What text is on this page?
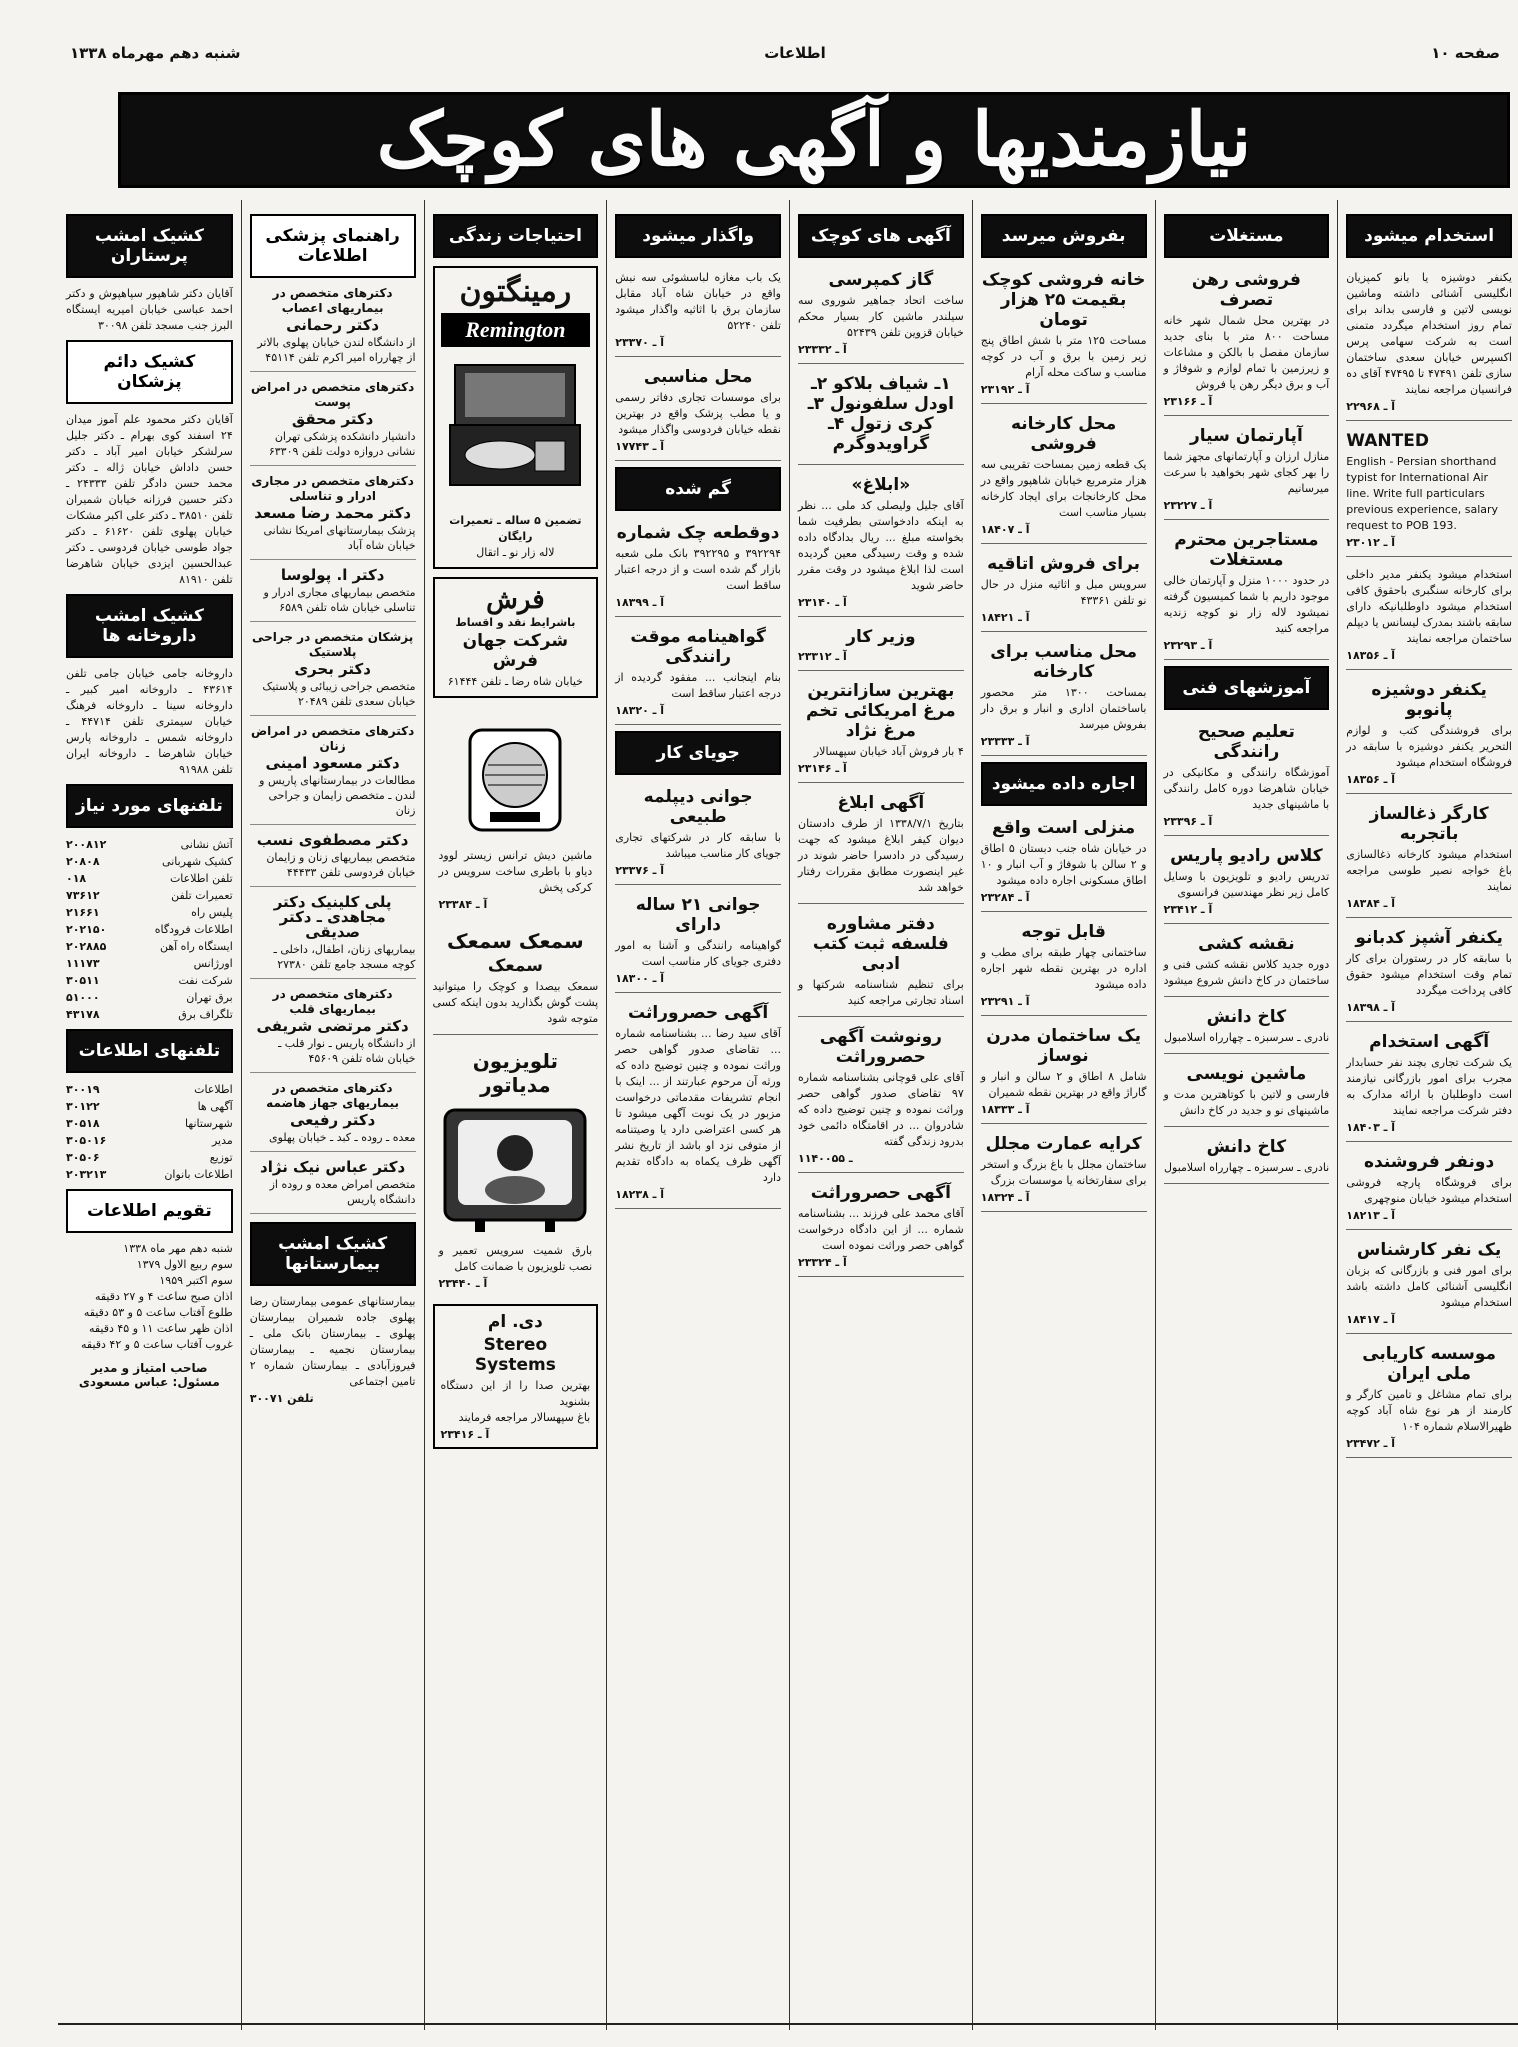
صفحه ۱۰
اطلاعات
شنبه دهم مهرماه ۱۳۳۸
نیازمندیها و آگهی های کوچک
استخدام میشود
یکنفر دوشیزه یا بانو کمپزیان انگلیسی آشنائی داشته وماشین نویسی لاتین و فارسی بداند برای تمام روز استخدام میگردد متمنی است به شرکت سهامی پرس اکسپرس خیابان سعدی ساختمان سازی تلفن ۴۷۴۹۱ تا ۴۷۴۹۵ آقای ده فرانسیان مراجعه نمایند
آ ـ ۲۲۹۶۸
WANTED
English - Persian shorthand typist for International Air line. Write full particulars previous experience, salary request to POB 193.
آ ـ ۲۳۰۱۲
استخدام میشود یکنفر مدیر داخلی برای کارخانه سنگبری باحقوق کافی استخدام میشود داوطلبانیکه دارای سابقه باشند بمدرک لیسانس یا دیپلم ساختمان مراجعه نمایند
آ ـ ۱۸۳۵۶
یکنفر دوشیزه پانوبو
برای فروشندگی کتب و لوازم التحریر یکنفر دوشیزه با سابقه در فروشگاه استخدام میشود
آ ـ ۱۸۳۵۶
کارگر ذغالساز باتجربه
استخدام میشود کارخانه ذغالسازی باغ خواجه نصیر طوسی مراجعه نمایند
آ ـ ۱۸۳۸۴
یکنفر آشپز کدبانو
با سابقه کار در رستوران برای کار تمام وقت استخدام میشود حقوق کافی پرداخت میگردد
آ ـ ۱۸۳۹۸
آگهی استخدام
یک شرکت تجاری بچند نفر حسابدار مجرب برای امور بازرگانی نیازمند است داوطلبان با ارائه مدارک به دفتر شرکت مراجعه نمایند
آ ـ ۱۸۴۰۳
دونفر فروشنده
برای فروشگاه پارچه فروشی استخدام میشود خیابان منوچهری
آ ـ ۱۸۲۱۳
یک نفر کارشناس
برای امور فنی و بازرگانی که بزبان انگلیسی آشنائی کامل داشته باشد استخدام میشود
آ ـ ۱۸۴۱۷
موسسه کاریابی ملی ایران
برای تمام مشاغل و تامین کارگر و کارمند از هر نوع شاه آباد کوچه ظهیرالاسلام شماره ۱۰۴
آ ـ ۲۳۴۷۲
مستغلات
فروشی رهن تصرف
در بهترین محل شمال شهر خانه مساحت ۸۰۰ متر با بنای جدید سازمان مفصل با بالکن و مشاعات و زیرزمین با تمام لوازم و شوفاژ و آب و برق دیگر رهن یا فروش
آ ـ ۲۳۱۶۶
آپارتمان سیار
منازل ارزان و آپارتمانهای مجهز شما را بهر کجای شهر بخواهید با سرعت میرسانیم
آ ـ ۲۳۲۲۷
مستاجرین محترم مستغلات
در حدود ۱۰۰۰ منزل و آپارتمان خالی موجود داریم با شما کمیسیون گرفته نمیشود لاله زار نو کوچه زندیه مراجعه کنید
آ ـ ۲۳۲۹۳
آموزشهای فنی
تعلیم صحیح رانندگی
آموزشگاه رانندگی و مکانیکی در خیابان شاهرضا دوره کامل رانندگی با ماشینهای جدید
آ ـ ۲۳۳۹۶
کلاس رادیو پاریس
تدریس رادیو و تلویزیون با وسایل کامل زیر نظر مهندسین فرانسوی
آ ـ ۲۳۴۱۲
نقشه کشی
دوره جدید کلاس نقشه کشی فنی و ساختمان در کاخ دانش شروع میشود
کاخ دانش
نادری ـ سرسبزه ـ چهارراه اسلامبول
ماشین نویسی
فارسی و لاتین با کوتاهترین مدت و ماشینهای نو و جدید در کاخ دانش
کاخ دانش
نادری ـ سرسبزه ـ چهارراه اسلامبول
بفروش میرسد
خانه فروشی کوچک بقیمت ۲۵ هزار تومان
مساحت ۱۲۵ متر با شش اطاق پنج زیر زمین با برق و آب در کوچه مناسب و ساکت محله آرام
آ ـ ۲۳۱۹۲
محل کارخانه فروشی
یک قطعه زمین بمساحت تقریبی سه هزار مترمربع خیابان شاهپور واقع در محل کارخانجات برای ایجاد کارخانه بسیار مناسب است
آ ـ ۱۸۴۰۷
برای فروش اتاقیه
سرویس مبل و اثاثیه منزل در حال نو تلفن ۴۳۳۶۱
آ ـ ۱۸۴۲۱
محل مناسب برای کارخانه
بمساحت ۱۳۰۰ متر محصور باساختمان اداری و انبار و برق دار بفروش میرسد
آ ـ ۲۳۳۳۳
اجاره داده میشود
منزلی است واقع
در خیابان شاه جنب دبستان ۵ اطاق و ۲ سالن با شوفاژ و آب انبار و ۱۰ اطاق مسکونی اجاره داده میشود
آ ـ ۲۳۲۸۴
قابل توجه
ساختمانی چهار طبقه برای مطب و اداره در بهترین نقطه شهر اجاره داده میشود
آ ـ ۲۳۲۹۱
یک ساختمان مدرن نوساز
شامل ۸ اطاق و ۲ سالن و انبار و گاراژ واقع در بهترین نقطه شمیران
آ ـ ۱۸۳۳۳
کرایه عمارت مجلل
ساختمان مجلل با باغ بزرگ و استخر برای سفارتخانه یا موسسات بزرگ
آ ـ ۱۸۳۲۴
آگهی های کوچک
گاز کمپرسی
ساخت اتحاد جماهیر شوروی سه سیلندر ماشین کار بسیار محکم خیابان قزوین تلفن ۵۲۴۳۹
آ ـ ۲۳۳۳۲
۱ـ شیاف بلاکو ۲ـ اودل سلفونول ۳ـ کری زتول ۴ـ گراویدوگرم
«ابلاغ»
آقای جلیل ولیصلی کد ملی ... نظر به اینکه دادخواستی بطرفیت شما بخواسته مبلغ ... ریال بدادگاه داده شده و وقت رسیدگی معین گردیده است لذا ابلاغ میشود در وقت مقرر حاضر شوید
آ ـ ۲۳۱۴۰
وزیر کار
آ ـ ۲۳۳۱۲
بهترین سازانترین مرغ امریکائی تخم مرغ نژاد
۴ بار فروش آباد خیابان سپهسالار
آ ـ ۲۳۱۴۶
آگهی ابلاغ
بتاریخ ۱۳۳۸/۷/۱ از طرف دادستان دیوان کیفر ابلاغ میشود که جهت رسیدگی در دادسرا حاضر شوند در غیر اینصورت مطابق مقررات رفتار خواهد شد
دفتر مشاوره فلسفه ثبت کتب ادبی
برای تنظیم شناسنامه شرکتها و اسناد تجارتی مراجعه کنید
رونوشت آگهی حصروراثت
آقای علی قوچانی بشناسنامه شماره ۹۷ تقاضای صدور گواهی حصر وراثت نموده و چنین توضیح داده که شادروان ... در اقامتگاه دائمی خود بدرود زندگی گفته
۱ـ ۱۴۰۰۵۵
آگهی حصروراثت
آقای محمد علی فرزند ... بشناسنامه شماره ... از این دادگاه درخواست گواهی حصر وراثت نموده است
آ ـ ۲۳۳۲۴
واگذار میشود
یک باب مغازه لباسشوئی سه نبش واقع در خیابان شاه آباد مقابل سازمان برق با اثاثیه واگذار میشود تلفن ۵۲۲۴۰
آ ـ ۲۳۳۷۰
محل مناسبی
برای موسسات تجاری دفاتر رسمی و یا مطب پزشک واقع در بهترین نقطه خیابان فردوسی واگذار میشود
آ ـ ۱۷۷۴۳
گم شده
دوقطعه چک شماره
۳۹۲۲۹۴ و ۳۹۲۲۹۵ بانک ملی شعبه بازار گم شده است و از درجه اعتبار ساقط است
آ ـ ۱۸۳۹۹
گواهینامه موقت رانندگی
بنام اینجانب ... مفقود گردیده از درجه اعتبار ساقط است
آ ـ ۱۸۳۲۰
جویای کار
جوانی دیپلمه طبیعی
با سابقه کار در شرکتهای تجاری جویای کار مناسب میباشد
آ ـ ۲۳۳۷۶
جوانی ۲۱ ساله دارای
گواهینامه رانندگی و آشنا به امور دفتری جویای کار مناسب است
آ ـ ۱۸۳۰۰
آگهی حصروراثت
آقای سید رضا ... بشناسنامه شماره ... تقاضای صدور گواهی حصر وراثت نموده و چنین توضیح داده که ورثه آن مرحوم عبارتند از ... اینک با انجام تشریفات مقدماتی درخواست مزبور در یک نوبت آگهی میشود تا هر کسی اعتراضی دارد یا وصیتنامه از متوفی نزد او باشد از تاریخ نشر آگهی ظرف یکماه به دادگاه تقدیم دارد
آ ـ ۱۸۲۳۸
احتیاجات زندگی
رمینگتون
Remington
تضمین ۵ ساله ـ تعمیرات رایگان
لاله زار نو ـ اتقال
فرش
باشرایط نقد و اقساط
شرکت جهان فرش
خیابان شاه رضا ـ تلفن ۶۱۴۴۴
ماشین دیش ترانس زیستر لوود دیاو با باطری ساخت سرویس در کرکی پخش
آ ـ ۲۳۳۸۴
سمعک سمعک
سمعک
سمعک بیصدا و کوچک را میتوانید پشت گوش بگذارید بدون اینکه کسی متوجه شود
تلویزیون مدیاتور
بارق شمیت سرویس تعمیر و نصب تلویزیون با ضمانت کامل
آ ـ ۲۳۴۴۰
دی. ام
Stereo Systems
بهترین صدا را از این دستگاه بشنوید
باغ سپهسالار مراجعه فرمایند
آ ـ ۲۳۴۱۶
راهنمای پزشکی اطلاعات
دکترهای متخصص در بیماریهای اعصاب
دکتر رحمانی
از دانشگاه لندن خیابان پهلوی بالاتر از چهارراه امیر اکرم تلفن ۴۵۱۱۴
دکترهای متخصص در امراض پوست
دکتر محقق
دانشیار دانشکده پزشکی تهران نشانی دروازه دولت تلفن ۶۳۳۰۹
دکترهای متخصص در مجاری ادرار و تناسلی
دکتر محمد رضا مسعد
پزشک بیمارستانهای امریکا نشانی خیابان شاه آباد
دکتر ا. پولوسا
متخصص بیماریهای مجاری ادرار و تناسلی خیابان شاه تلفن ۶۵۸۹
پزشکان متخصص در جراحی پلاستیک
دکتر بحری
متخصص جراحی زیبائی و پلاستیک خیابان سعدی تلفن ۲۰۴۸۹
دکترهای متخصص در امراض زنان
دکتر مسعود امینی
مطالعات در بیمارستانهای پاریس و لندن ـ متخصص زایمان و جراحی زنان
دکتر مصطفوی نسب
متخصص بیماریهای زنان و زایمان خیابان فردوسی تلفن ۴۴۴۳۳
پلی کلینیک دکتر مجاهدی ـ دکتر صدیقی
بیماریهای زنان، اطفال، داخلی ـ کوچه مسجد جامع تلفن ۲۷۳۸۰
دکترهای متخصص در بیماریهای قلب
دکتر مرتضی شریفی
از دانشگاه پاریس ـ نوار قلب ـ خیابان شاه تلفن ۴۵۶۰۹
دکترهای متخصص در بیماریهای جهاز هاضمه
دکتر رفیعی
معده ـ روده ـ کبد ـ خیابان پهلوی
دکتر عباس نیک نژاد
متخصص امراض معده و روده از دانشگاه پاریس
کشیک امشب بیمارستانها
بیمارستانهای عمومی بیمارستان رضا پهلوی جاده شمیران بیمارستان پهلوی ـ بیمارستان بانک ملی ـ بیمارستان نجمیه ـ بیمارستان فیروزآبادی ـ بیمارستان شماره ۲ تامین اجتماعی
تلفن ۳۰۰۷۱
کشیک امشب پرستاران
آقایان دکتر شاهپور سپاهپوش و دکتر احمد عباسی خیابان امیریه ایستگاه البرز جنب مسجد تلفن ۳۰۰۹۸
کشیک دائم پزشکان
آقایان دکتر محمود علم آموز میدان ۲۴ اسفند کوی بهرام ـ دکتر جلیل سرلشکر خیابان امیر آباد ـ دکتر حسن داداش خیابان ژاله ـ دکتر محمد حسن دادگر تلفن ۲۴۳۳۳ ـ دکتر حسین فرزانه خیابان شمیران تلفن ۳۸۵۱۰ ـ دکتر علی اکبر مشکات خیابان پهلوی تلفن ۶۱۶۲۰ ـ دکتر جواد طوسی خیابان فردوسی ـ دکتر عبدالحسین ایزدی خیابان شاهرضا تلفن ۸۱۹۱۰
کشیک امشب داروخانه ها
داروخانه جامی خیابان جامی تلفن ۴۳۶۱۴ ـ داروخانه امیر کبیر ـ داروخانه سینا ـ داروخانه فرهنگ خیابان سیمتری تلفن ۴۴۷۱۴ ـ داروخانه شمس ـ داروخانه پارس خیابان شاهرضا ـ داروخانه ایران تلفن ۹۱۹۸۸
تلفنهای مورد نیاز
آتش نشانی
۲۰۰۸۱۲
کشیک شهربانی
۲۰۸۰۸
تلفن اطلاعات
۰۱۸
تعمیرات تلفن
۷۳۶۱۲
پلیس راه
۲۱۶۶۱
اطلاعات فرودگاه
۲۰۲۱۵۰
ایستگاه راه آهن
۲۰۲۸۸۵
اورژانس
۱۱۱۷۳
شرکت نفت
۳۰۵۱۱
برق تهران
۵۱۰۰۰
تلگراف برق
۴۳۱۷۸
تلفنهای اطلاعات
اطلاعات
۳۰۰۱۹
آگهی ها
۳۰۱۲۲
شهرستانها
۳۰۵۱۸
مدیر
۳۰۵۰۱۶
توزیع
۳۰۵۰۶
اطلاعات بانوان
۲۰۳۲۱۳
تقویم اطلاعات
شنبه دهم مهر ماه ۱۳۳۸
سوم ربیع الاول ۱۳۷۹
سوم اکتبر ۱۹۵۹
اذان صبح ساعت ۴ و ۲۷ دقیقه
طلوع آفتاب ساعت ۵ و ۵۳ دقیقه
اذان ظهر ساعت ۱۱ و ۴۵ دقیقه
غروب آفتاب ساعت ۵ و ۴۲ دقیقه
صاحب امتیاز و مدیر مسئول: عباس مسعودی
